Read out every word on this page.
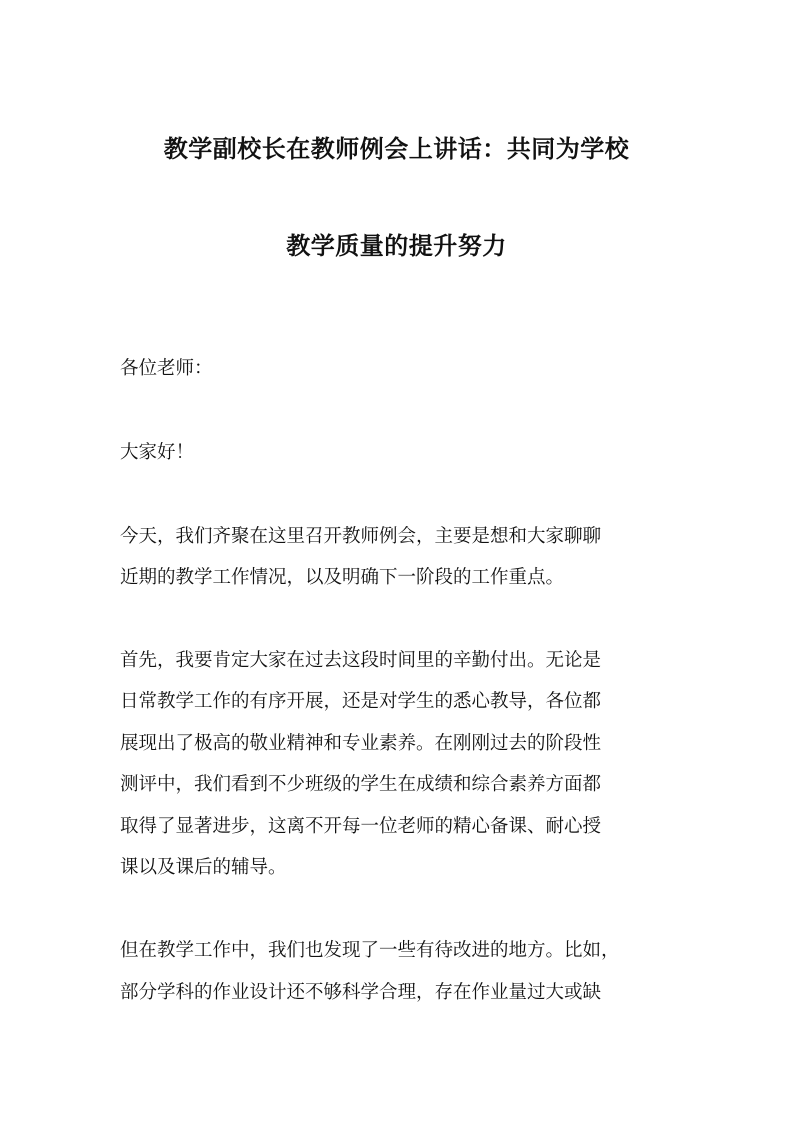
教学副校长在教师例会上讲话：共同为学校
教学质量的提升努力
各位老师：
大家好！
今天，我们齐聚在这里召开教师例会，主要是想和大家聊聊
近期的教学工作情况，以及明确下一阶段的工作重点。
首先，我要肯定大家在过去这段时间里的辛勤付出。无论是
日常教学工作的有序开展，还是对学生的悉心教导，各位都
展现出了极高的敬业精神和专业素养。在刚刚过去的阶段性
测评中，我们看到不少班级的学生在成绩和综合素养方面都
取得了显著进步，这离不开每一位老师的精心备课、耐心授
课以及课后的辅导。
但在教学工作中，我们也发现了一些有待改进的地方。比如，
部分学科的作业设计还不够科学合理，存在作业量过大或缺
